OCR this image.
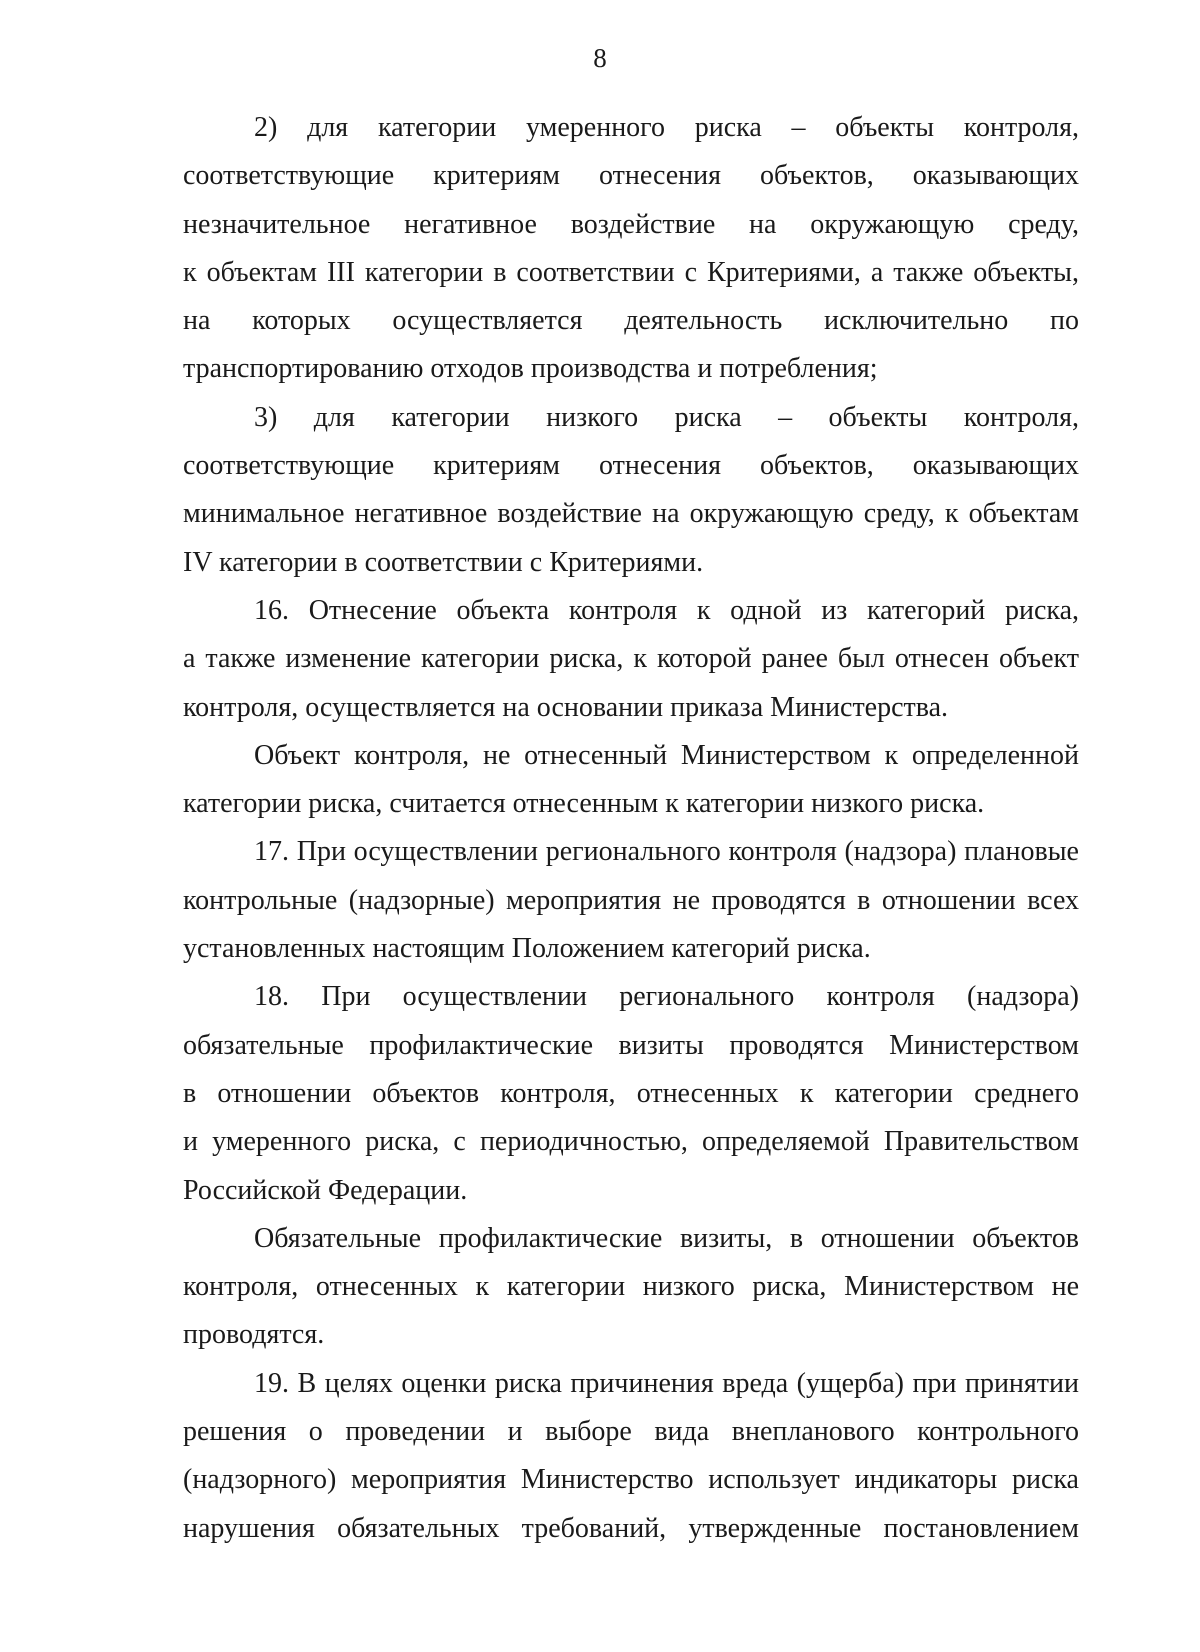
8
2) для категории умеренного риска – объекты контроля,
соответствующие критериям отнесения объектов, оказывающих
незначительное негативное воздействие на окружающую среду,
к объектам III категории в соответствии с Критериями, а также объекты,
на которых осуществляется деятельность исключительно по
транспортированию отходов производства и потребления;
3) для категории низкого риска – объекты контроля,
соответствующие критериям отнесения объектов, оказывающих
минимальное негативное воздействие на окружающую среду, к объектам
IV категории в соответствии с Критериями.
16. Отнесение объекта контроля к одной из категорий риска,
а также изменение категории риска, к которой ранее был отнесен объект
контроля, осуществляется на основании приказа Министерства.
Объект контроля, не отнесенный Министерством к определенной
категории риска, считается отнесенным к категории низкого риска.
17. При осуществлении регионального контроля (надзора) плановые
контрольные (надзорные) мероприятия не проводятся в отношении всех
установленных настоящим Положением категорий риска.
18. При осуществлении регионального контроля (надзора)
обязательные профилактические визиты проводятся Министерством
в отношении объектов контроля, отнесенных к категории среднего
и умеренного риска, с периодичностью, определяемой Правительством
Российской Федерации.
Обязательные профилактические визиты, в отношении объектов
контроля, отнесенных к категории низкого риска, Министерством не
проводятся.
19. В целях оценки риска причинения вреда (ущерба) при принятии
решения о проведении и выборе вида внепланового контрольного
(надзорного) мероприятия Министерство использует индикаторы риска
нарушения обязательных требований, утвержденные постановлением
